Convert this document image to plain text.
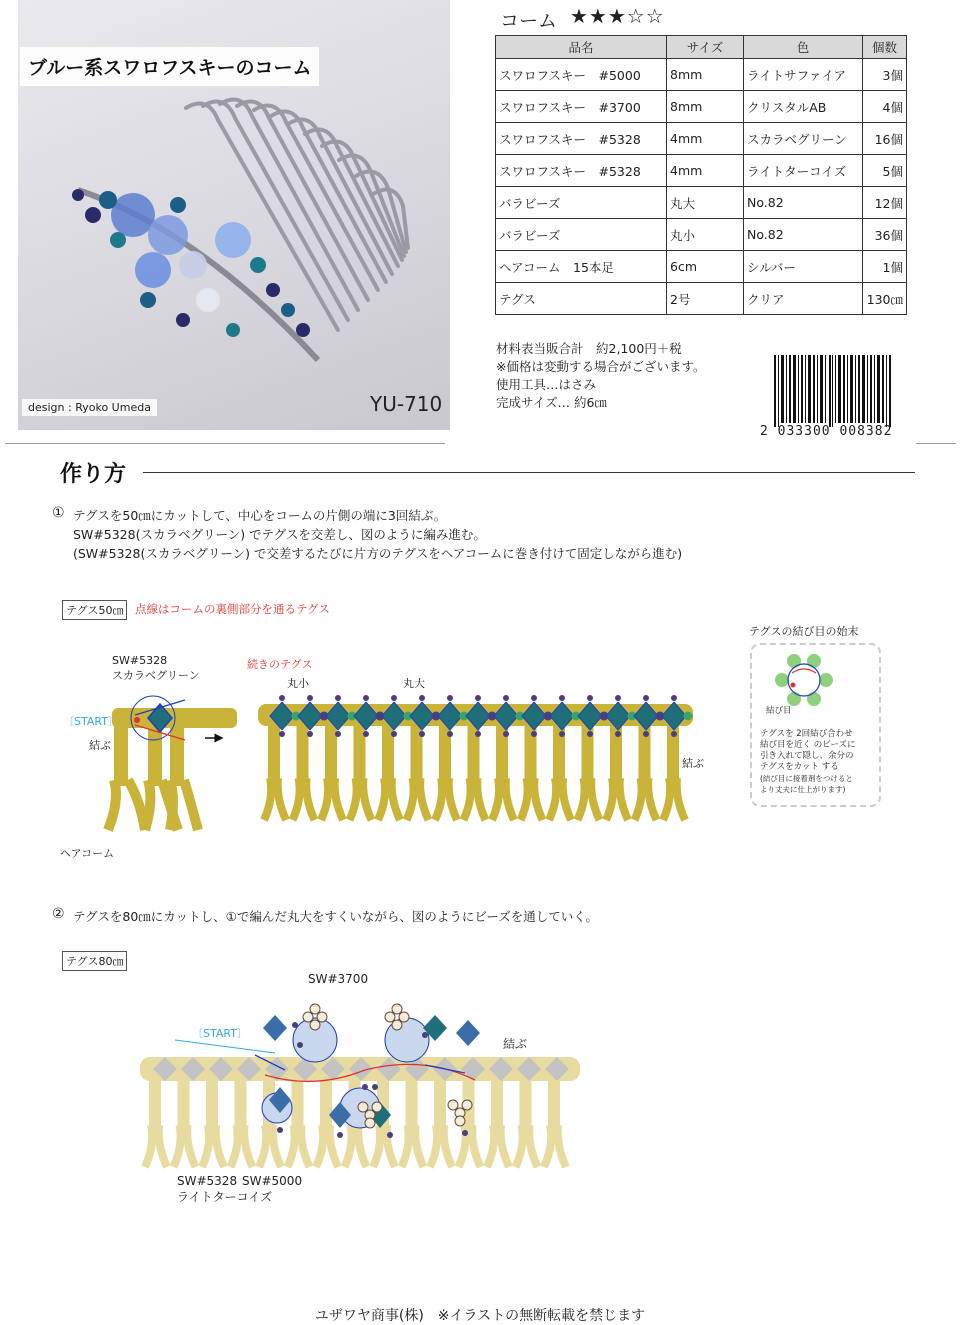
ブルー系スワロフスキーのコーム
design : Ryoko Umeda	YU-710
コーム ★★★☆☆
品名	サイズ	色	個数
スワロフスキー　#5000	8mm	ライトサファイア	3個
スワロフスキー　#3700	8mm	クリスタルAB	4個
スワロフスキー　#5328	4mm	スカラベグリーン	16個
スワロフスキー　#5328	4mm	ライトターコイズ	5個
バラビーズ	丸大	No.82	12個
バラビーズ	丸小	No.82	36個
ヘアコーム　15本足	6cm	シルバー	1個
テグス	2号	クリア	130㎝
材料表当販合計　約2,100円＋税
※価格は変動する場合がございます。
使用工具…はさみ
完成サイズ… 約6㎝
2 033300 008382
作り方
① テグスを50㎝にカットして、中心をコームの片側の端に3回結ぶ。
SW#5328(スカラベグリーン) でテグスを交差し、図のように編み進む。
(SW#5328(スカラベグリーン) で交差するたびに片方のテグスをヘアコームに巻き付けて固定しながら進む)
テグス50㎝	点線はコームの裏側部分を通るテグス
SW#5328
スカラベグリーン
〔START〕
結ぶ
ヘアコーム
続きのテグス
丸小	丸大
結ぶ
テグスの結び目の始末
結び目
テグスを 2回結び合わせ
結び目を近く のビーズに
引き入れて隠し、余分の
テグスをカット する
(結び目に接着剤をつけると
より丈夫に仕上がります)
② テグスを80㎝にカットし、①で編んだ丸大をすくいながら、図のようにビーズを通していく。
テグス80㎝
SW#3700
〔START〕
結ぶ
SW#5328
ライトターコイズ
SW#5000
ユザワヤ商事(株)　※イラストの無断転載を禁じます
